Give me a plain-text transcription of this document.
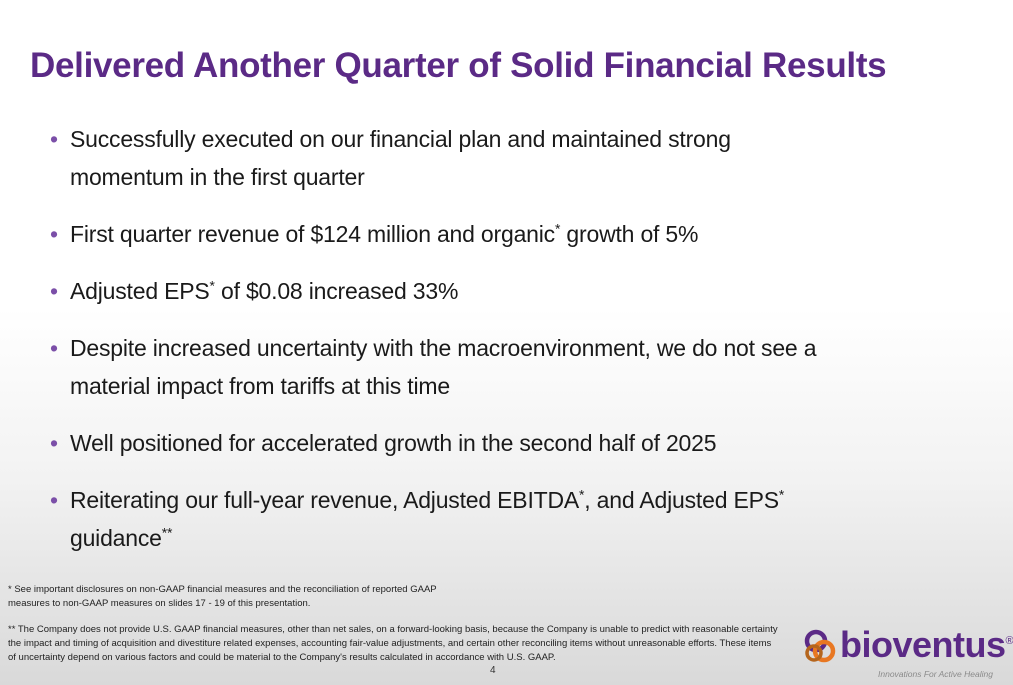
Delivered Another Quarter of Solid Financial Results
• Successfully executed on our financial plan and maintained strong momentum in the first quarter
• First quarter revenue of $124 million and organic* growth of 5%
• Adjusted EPS* of $0.08 increased 33%
• Despite increased uncertainty with the macroenvironment, we do not see a material impact from tariffs at this time
• Well positioned for accelerated growth in the second half of 2025
• Reiterating our full-year revenue, Adjusted EBITDA*, and Adjusted EPS* guidance**
* See important disclosures on non-GAAP financial measures and the reconciliation of reported GAAP measures to non-GAAP measures on slides 17 - 19 of this presentation.
** The Company does not provide U.S. GAAP financial measures, other than net sales, on a forward-looking basis, because the Company is unable to predict with reasonable certainty the impact and timing of acquisition and divestiture related expenses, accounting fair-value adjustments, and certain other reconciling items without unreasonable efforts. These items of uncertainty depend on various factors and could be material to the Company's results calculated in accordance with U.S. GAAP.
4
bioventus®
Innovations For Active Healing
